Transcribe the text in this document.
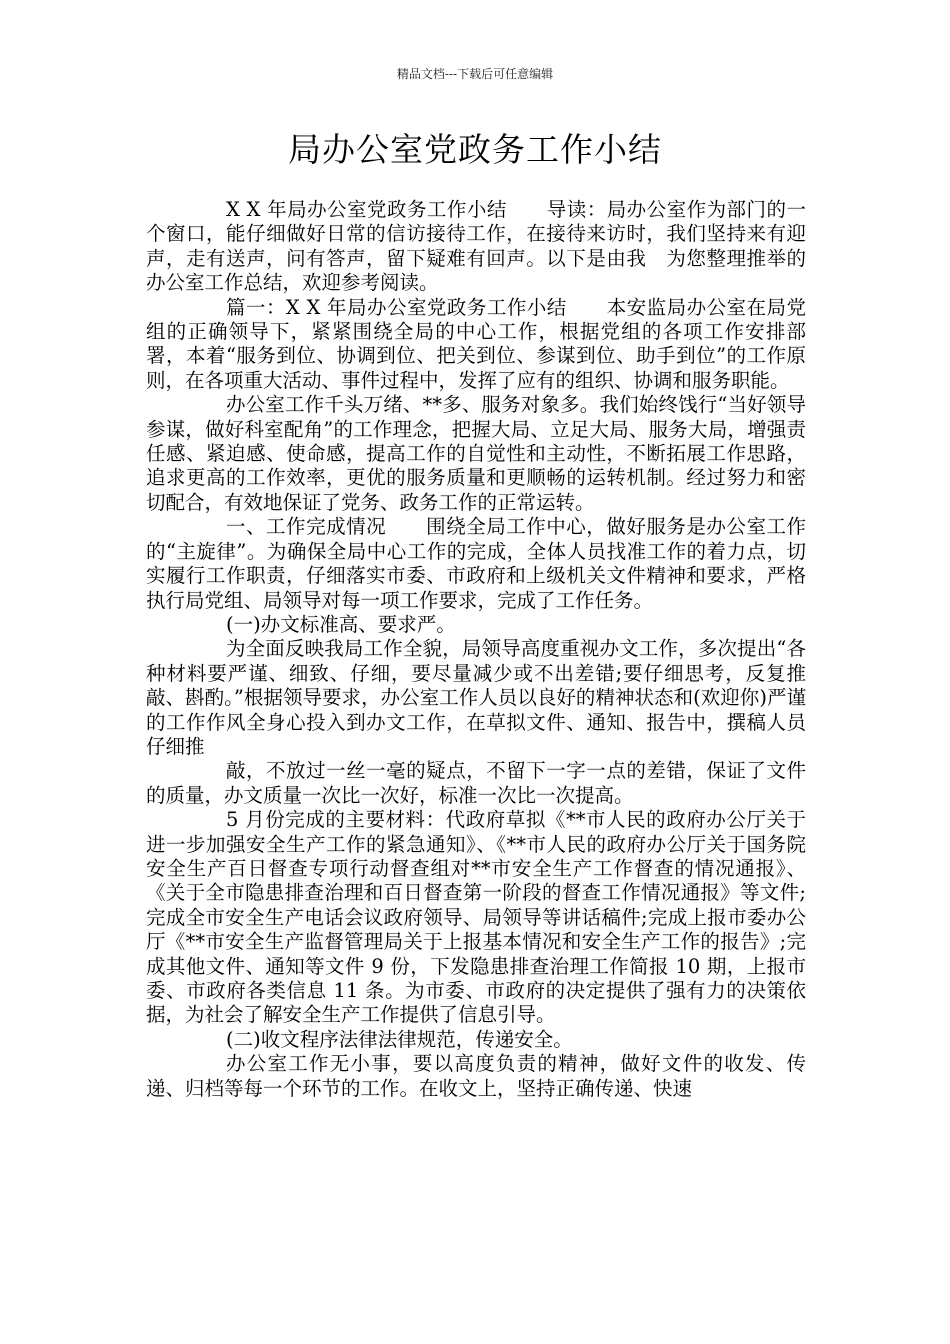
精品文档---下载后可任意编辑
局办公室党政务工作小结

X X 年局办公室党政务工作小结　　导读：局办公室作为部门的一个窗口，能仔细做好日常的信访接待工作，在接待来访时，我们坚持来有迎声，走有送声，问有答声，留下疑难有回声。以下是由我　为您整理推举的办公室工作总结，欢迎参考阅读。

篇一：X X 年局办公室党政务工作小结　　本安监局办公室在局党组的正确领导下，紧紧围绕全局的中心工作，根据党组的各项工作安排部署，本着“服务到位、协调到位、把关到位、参谋到位、助手到位”的工作原则，在各项重大活动、事件过程中，发挥了应有的组织、协调和服务职能。

办公室工作千头万绪、**多、服务对象多。我们始终饯行“当好领导参谋，做好科室配角”的工作理念，把握大局、立足大局、服务大局，增强责任感、紧迫感、使命感，提高工作的自觉性和主动性，不断拓展工作思路，追求更高的工作效率，更优的服务质量和更顺畅的运转机制。经过努力和密切配合，有效地保证了党务、政务工作的正常运转。

一、工作完成情况　　围绕全局工作中心，做好服务是办公室工作的“主旋律”。为确保全局中心工作的完成，全体人员找准工作的着力点，切实履行工作职责，仔细落实市委、市政府和上级机关文件精神和要求，严格执行局党组、局领导对每一项工作要求，完成了工作任务。

(一)办文标准高、要求严。

为全面反映我局工作全貌，局领导高度重视办文工作，多次提出“各种材料要严谨、细致、仔细，要尽量减少或不出差错;要仔细思考，反复推敲、斟酌。”根据领导要求，办公室工作人员以良好的精神状态和(欢迎你)严谨的工作作风全身心投入到办文工作，在草拟文件、通知、报告中，撰稿人员仔细推

敲，不放过一丝一毫的疑点，不留下一字一点的差错，保证了文件的质量，办文质量一次比一次好，标准一次比一次提高。

5 月份完成的主要材料：代政府草拟《**市人民的政府办公厅关于进一步加强安全生产工作的紧急通知》、《**市人民的政府办公厅关于国务院安全生产百日督查专项行动督查组对**市安全生产工作督查的情况通报》、《关于全市隐患排查治理和百日督查第一阶段的督查工作情况通报》等文件;完成全市安全生产电话会议政府领导、局领导等讲话稿件;完成上报市委办公厅《**市安全生产监督管理局关于上报基本情况和安全生产工作的报告》;完成其他文件、通知等文件 9 份，下发隐患排查治理工作简报 10 期，上报市委、市政府各类信息 11 条。为市委、市政府的决定提供了强有力的决策依据，为社会了解安全生产工作提供了信息引导。

(二)收文程序法律法律规范，传递安全。

办公室工作无小事，要以高度负责的精神，做好文件的收发、传递、归档等每一个环节的工作。在收文上，坚持正确传递、快速
